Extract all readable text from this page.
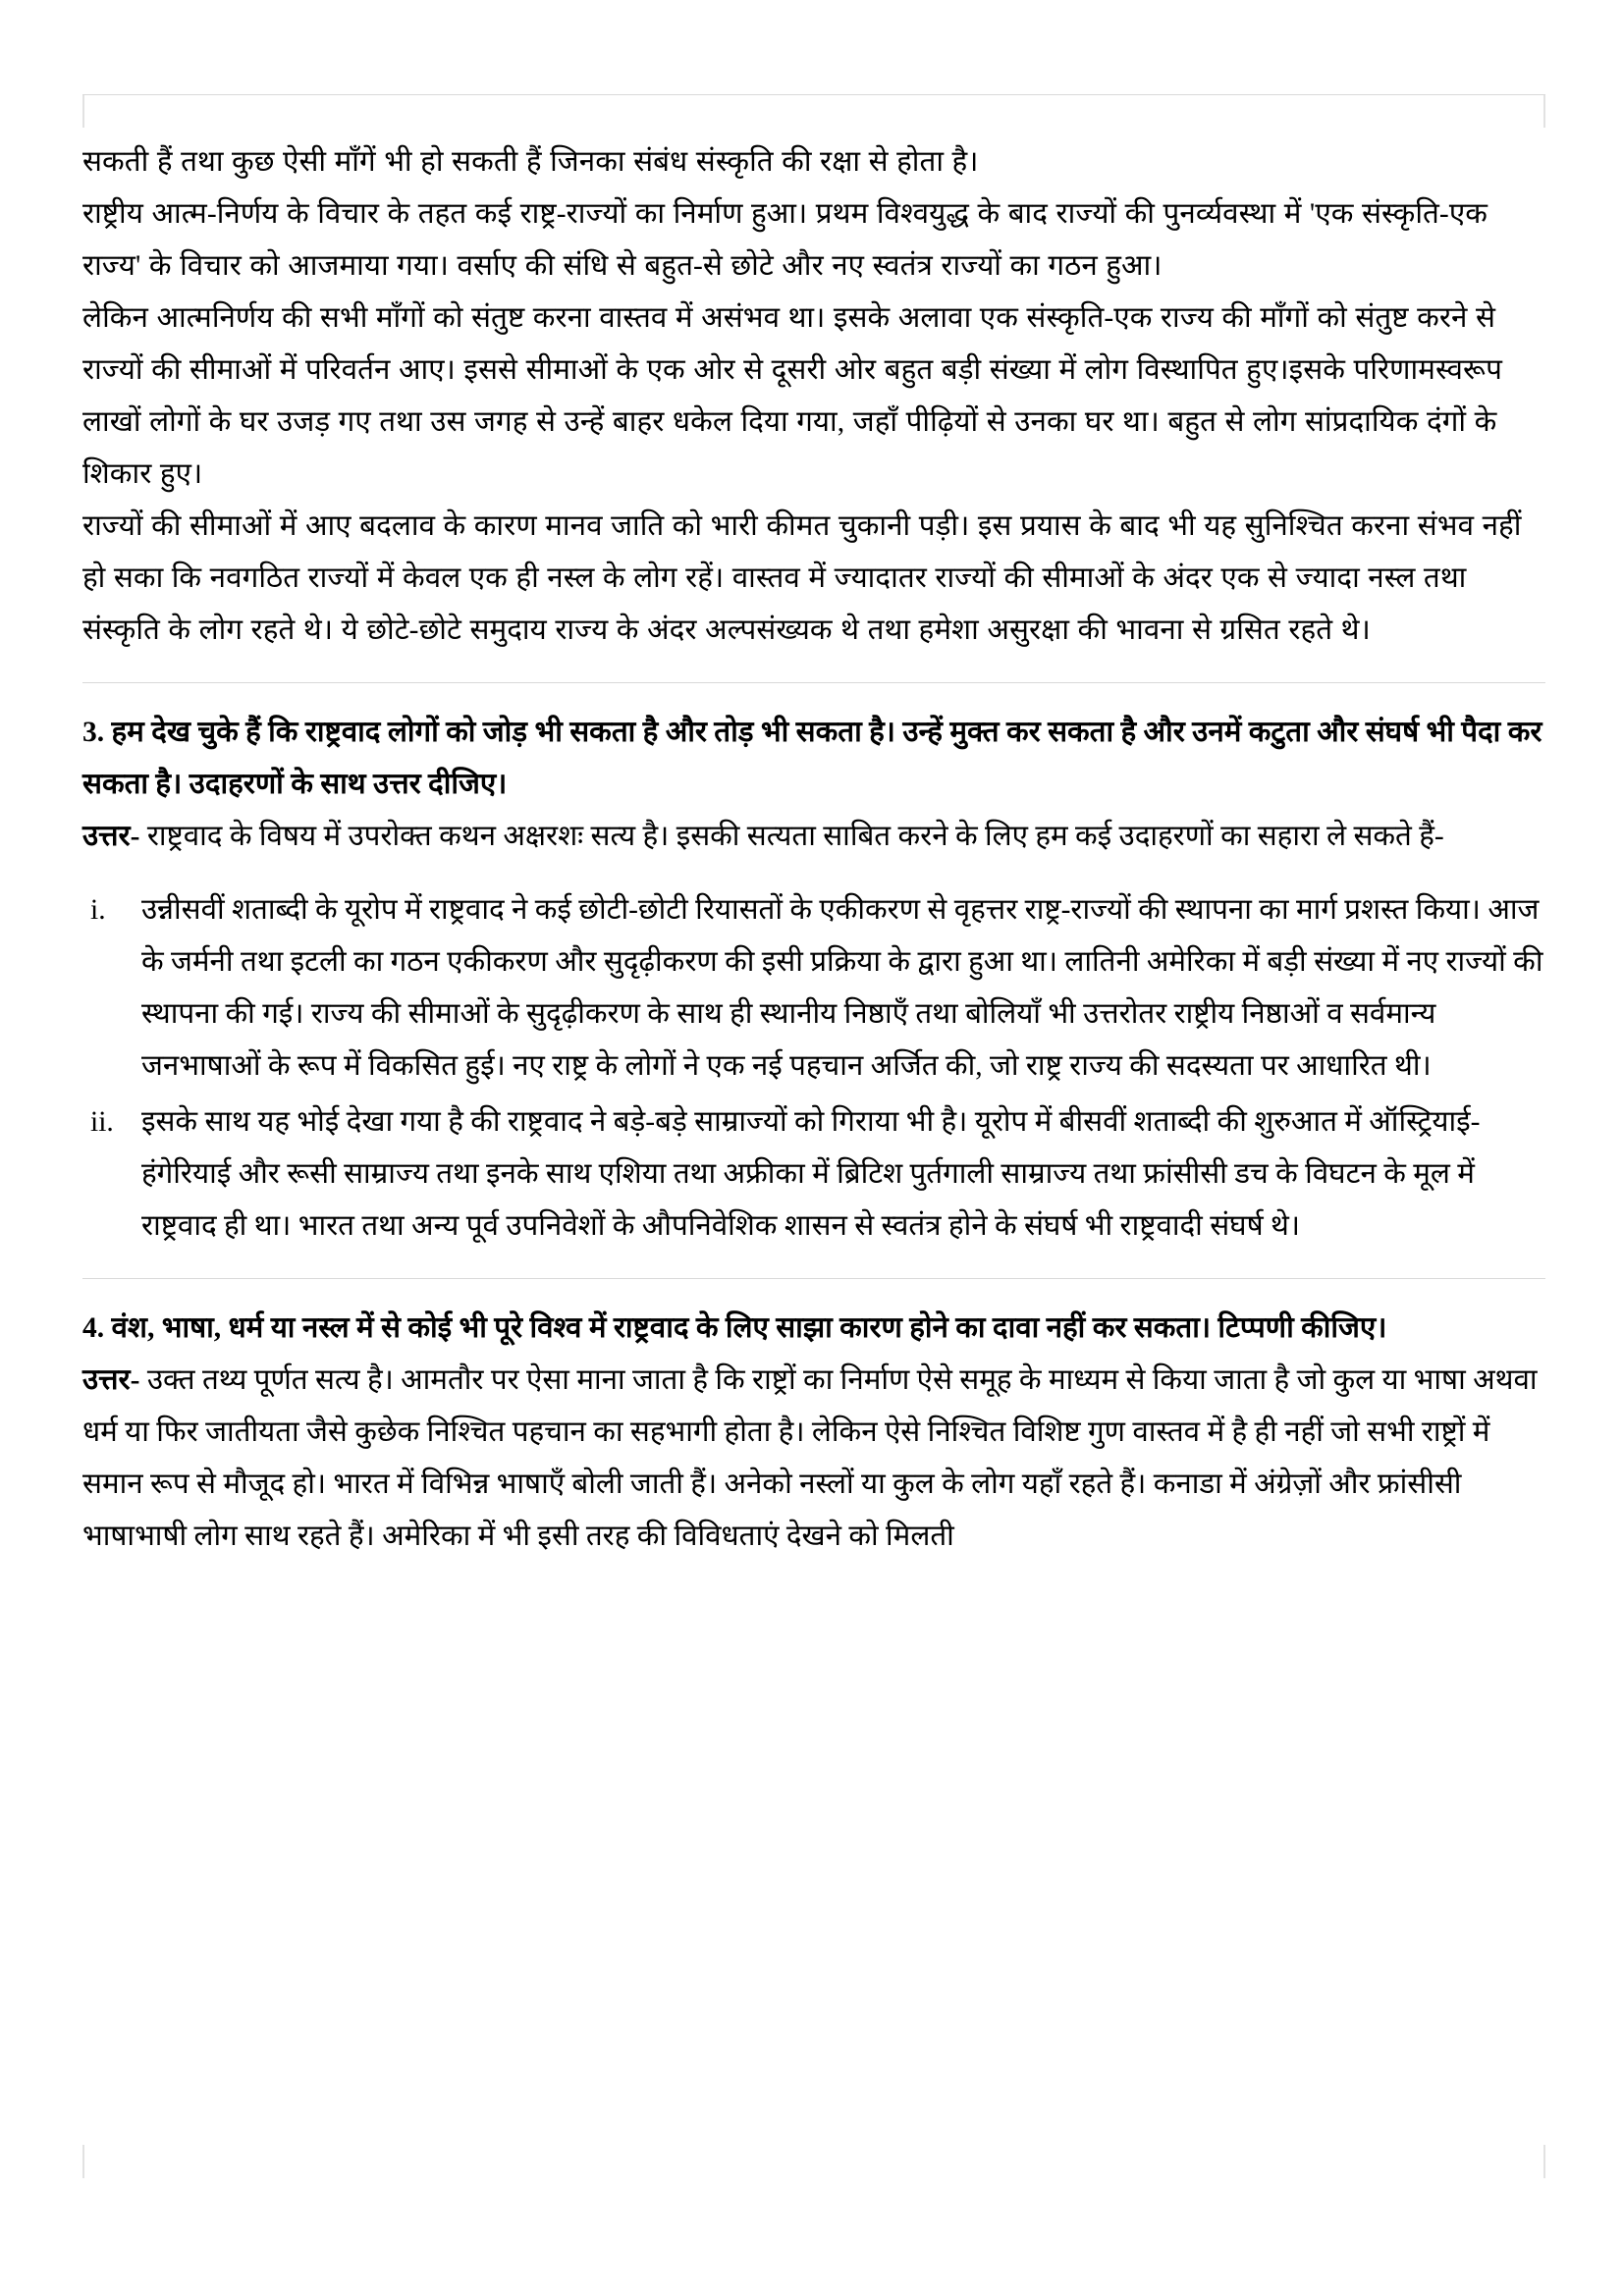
सकती हैं तथा कुछ ऐसी माँगें भी हो सकती हैं जिनका संबंध संस्कृति की रक्षा से होता है।

राष्ट्रीय आत्म-निर्णय के विचार के तहत कई राष्ट्र-राज्यों का निर्माण हुआ। प्रथम विश्वयुद्ध के बाद राज्यों की पुनर्व्यवस्था में 'एक संस्कृति-एक राज्य' के विचार को आजमाया गया। वर्साए की संधि से बहुत-से छोटे और नए स्वतंत्र राज्यों का गठन हुआ।

लेकिन आत्मनिर्णय की सभी माँगों को संतुष्ट करना वास्तव में असंभव था। इसके अलावा एक संस्कृति-एक राज्य की माँगों को संतुष्ट करने से राज्यों की सीमाओं में परिवर्तन आए। इससे सीमाओं के एक ओर से दूसरी ओर बहुत बड़ी संख्या में लोग विस्थापित हुए।इसके परिणामस्वरूप लाखों लोगों के घर उजड़ गए तथा उस जगह से उन्हें बाहर धकेल दिया गया, जहाँ पीढ़ियों से उनका घर था। बहुत से लोग सांप्रदायिक दंगों के शिकार हुए।

राज्यों की सीमाओं में आए बदलाव के कारण मानव जाति को भारी कीमत चुकानी पड़ी। इस प्रयास के बाद भी यह सुनिश्चित करना संभव नहीं हो सका कि नवगठित राज्यों में केवल एक ही नस्ल के लोग रहें। वास्तव में ज्यादातर राज्यों की सीमाओं के अंदर एक से ज्यादा नस्ल तथा संस्कृति के लोग रहते थे। ये छोटे-छोटे समुदाय राज्य के अंदर अल्पसंख्यक थे तथा हमेशा असुरक्षा की भावना से ग्रसित रहते थे।

3. हम देख चुके हैं कि राष्ट्रवाद लोगों को जोड़ भी सकता है और तोड़ भी सकता है। उन्हें मुक्त कर सकता है और उनमें कटुता और संघर्ष भी पैदा कर सकता है। उदाहरणों के साथ उत्तर दीजिए।

उत्तर- राष्ट्रवाद के विषय में उपरोक्त कथन अक्षरशः सत्य है। इसकी सत्यता साबित करने के लिए हम कई उदाहरणों का सहारा ले सकते हैं-

i.	उन्नीसवीं शताब्दी के यूरोप में राष्ट्रवाद ने कई छोटी-छोटी रियासतों के एकीकरण से वृहत्तर राष्ट्र-राज्यों की स्थापना का मार्ग प्रशस्त किया। आज के जर्मनी तथा इटली का गठन एकीकरण और सुदृढ़ीकरण की इसी प्रक्रिया के द्वारा हुआ था। लातिनी अमेरिका में बड़ी संख्या में नए राज्यों की स्थापना की गई। राज्य की सीमाओं के सुदृढ़ीकरण के साथ ही स्थानीय निष्ठाएँ तथा बोलियाँ भी उत्तरोतर राष्ट्रीय निष्ठाओं व सर्वमान्य जनभाषाओं के रूप में विकसित हुई। नए राष्ट्र के लोगों ने एक नई पहचान अर्जित की, जो राष्ट्र राज्य की सदस्यता पर आधारित थी।
ii. इसके साथ यह भोई देखा गया है की राष्ट्रवाद ने बड़े-बड़े साम्राज्यों को गिराया भी है। यूरोप में बीसवीं शताब्दी की शुरुआत में ऑस्ट्रियाई-हंगेरियाई और रूसी साम्राज्य तथा इनके साथ एशिया तथा अफ्रीका में ब्रिटिश पुर्तगाली साम्राज्य तथा फ्रांसीसी डच के विघटन के मूल में राष्ट्रवाद ही था। भारत तथा अन्य पूर्व उपनिवेशों के औपनिवेशिक शासन से स्वतंत्र होने के संघर्ष भी राष्ट्रवादी संघर्ष थे।

4. वंश, भाषा, धर्म या नस्ल में से कोई भी पूरे विश्व में राष्ट्रवाद के लिए साझा कारण होने का दावा नहीं कर सकता। टिप्पणी कीजिए।

उत्तर- उक्त तथ्य पूर्णत सत्य है। आमतौर पर ऐसा माना जाता है कि राष्ट्रों का निर्माण ऐसे समूह के माध्यम से किया जाता है जो कुल या भाषा अथवा धर्म या फिर जातीयता जैसे कुछेक निश्चित पहचान का सहभागी होता है। लेकिन ऐसे निश्चित विशिष्ट गुण वास्तव में है ही नहीं जो सभी राष्ट्रों में समान रूप से मौजूद हो। भारत में विभिन्न भाषाएँ बोली जाती हैं। अनेको नस्लों या कुल के लोग यहाँ रहते हैं। कनाडा में अंग्रेज़ों और फ्रांसीसी भाषाभाषी लोग साथ रहते हैं। अमेरिका में भी इसी तरह की विविधताएं देखने को मिलती
